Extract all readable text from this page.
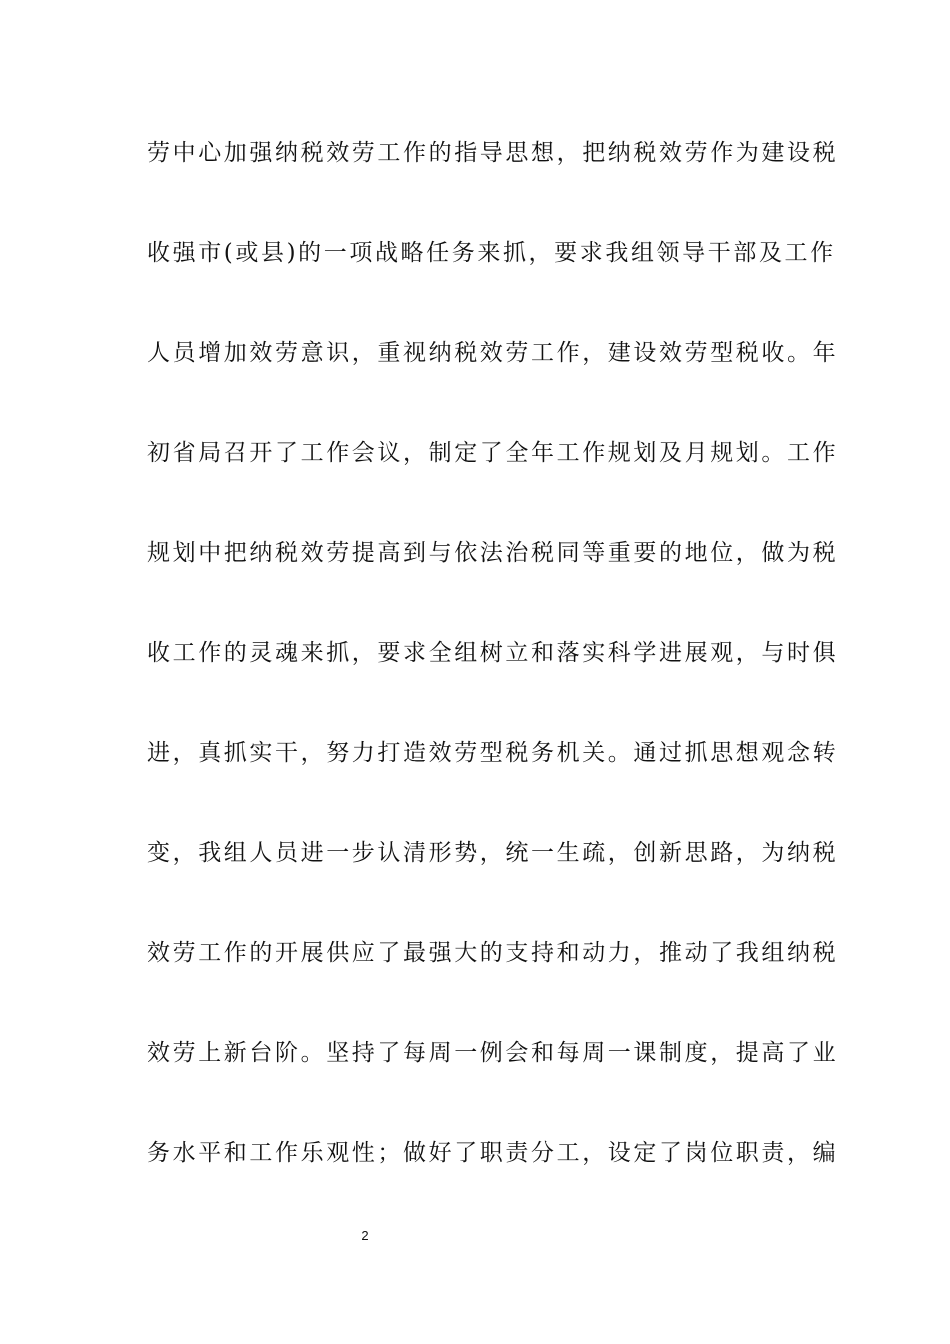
劳中心加强纳税效劳工作的指导思想，把纳税效劳作为建设税
收强市(或县)的一项战略任务来抓，要求我组领导干部及工作
人员增加效劳意识，重视纳税效劳工作，建设效劳型税收。年
初省局召开了工作会议，制定了全年工作规划及月规划。工作
规划中把纳税效劳提高到与依法治税同等重要的地位，做为税
收工作的灵魂来抓，要求全组树立和落实科学进展观，与时俱
进，真抓实干，努力打造效劳型税务机关。通过抓思想观念转
变，我组人员进一步认清形势，统一生疏，创新思路，为纳税
效劳工作的开展供应了最强大的支持和动力，推动了我组纳税
效劳上新台阶。坚持了每周一例会和每周一课制度，提高了业
务水平和工作乐观性；做好了职责分工，设定了岗位职责，编
2
